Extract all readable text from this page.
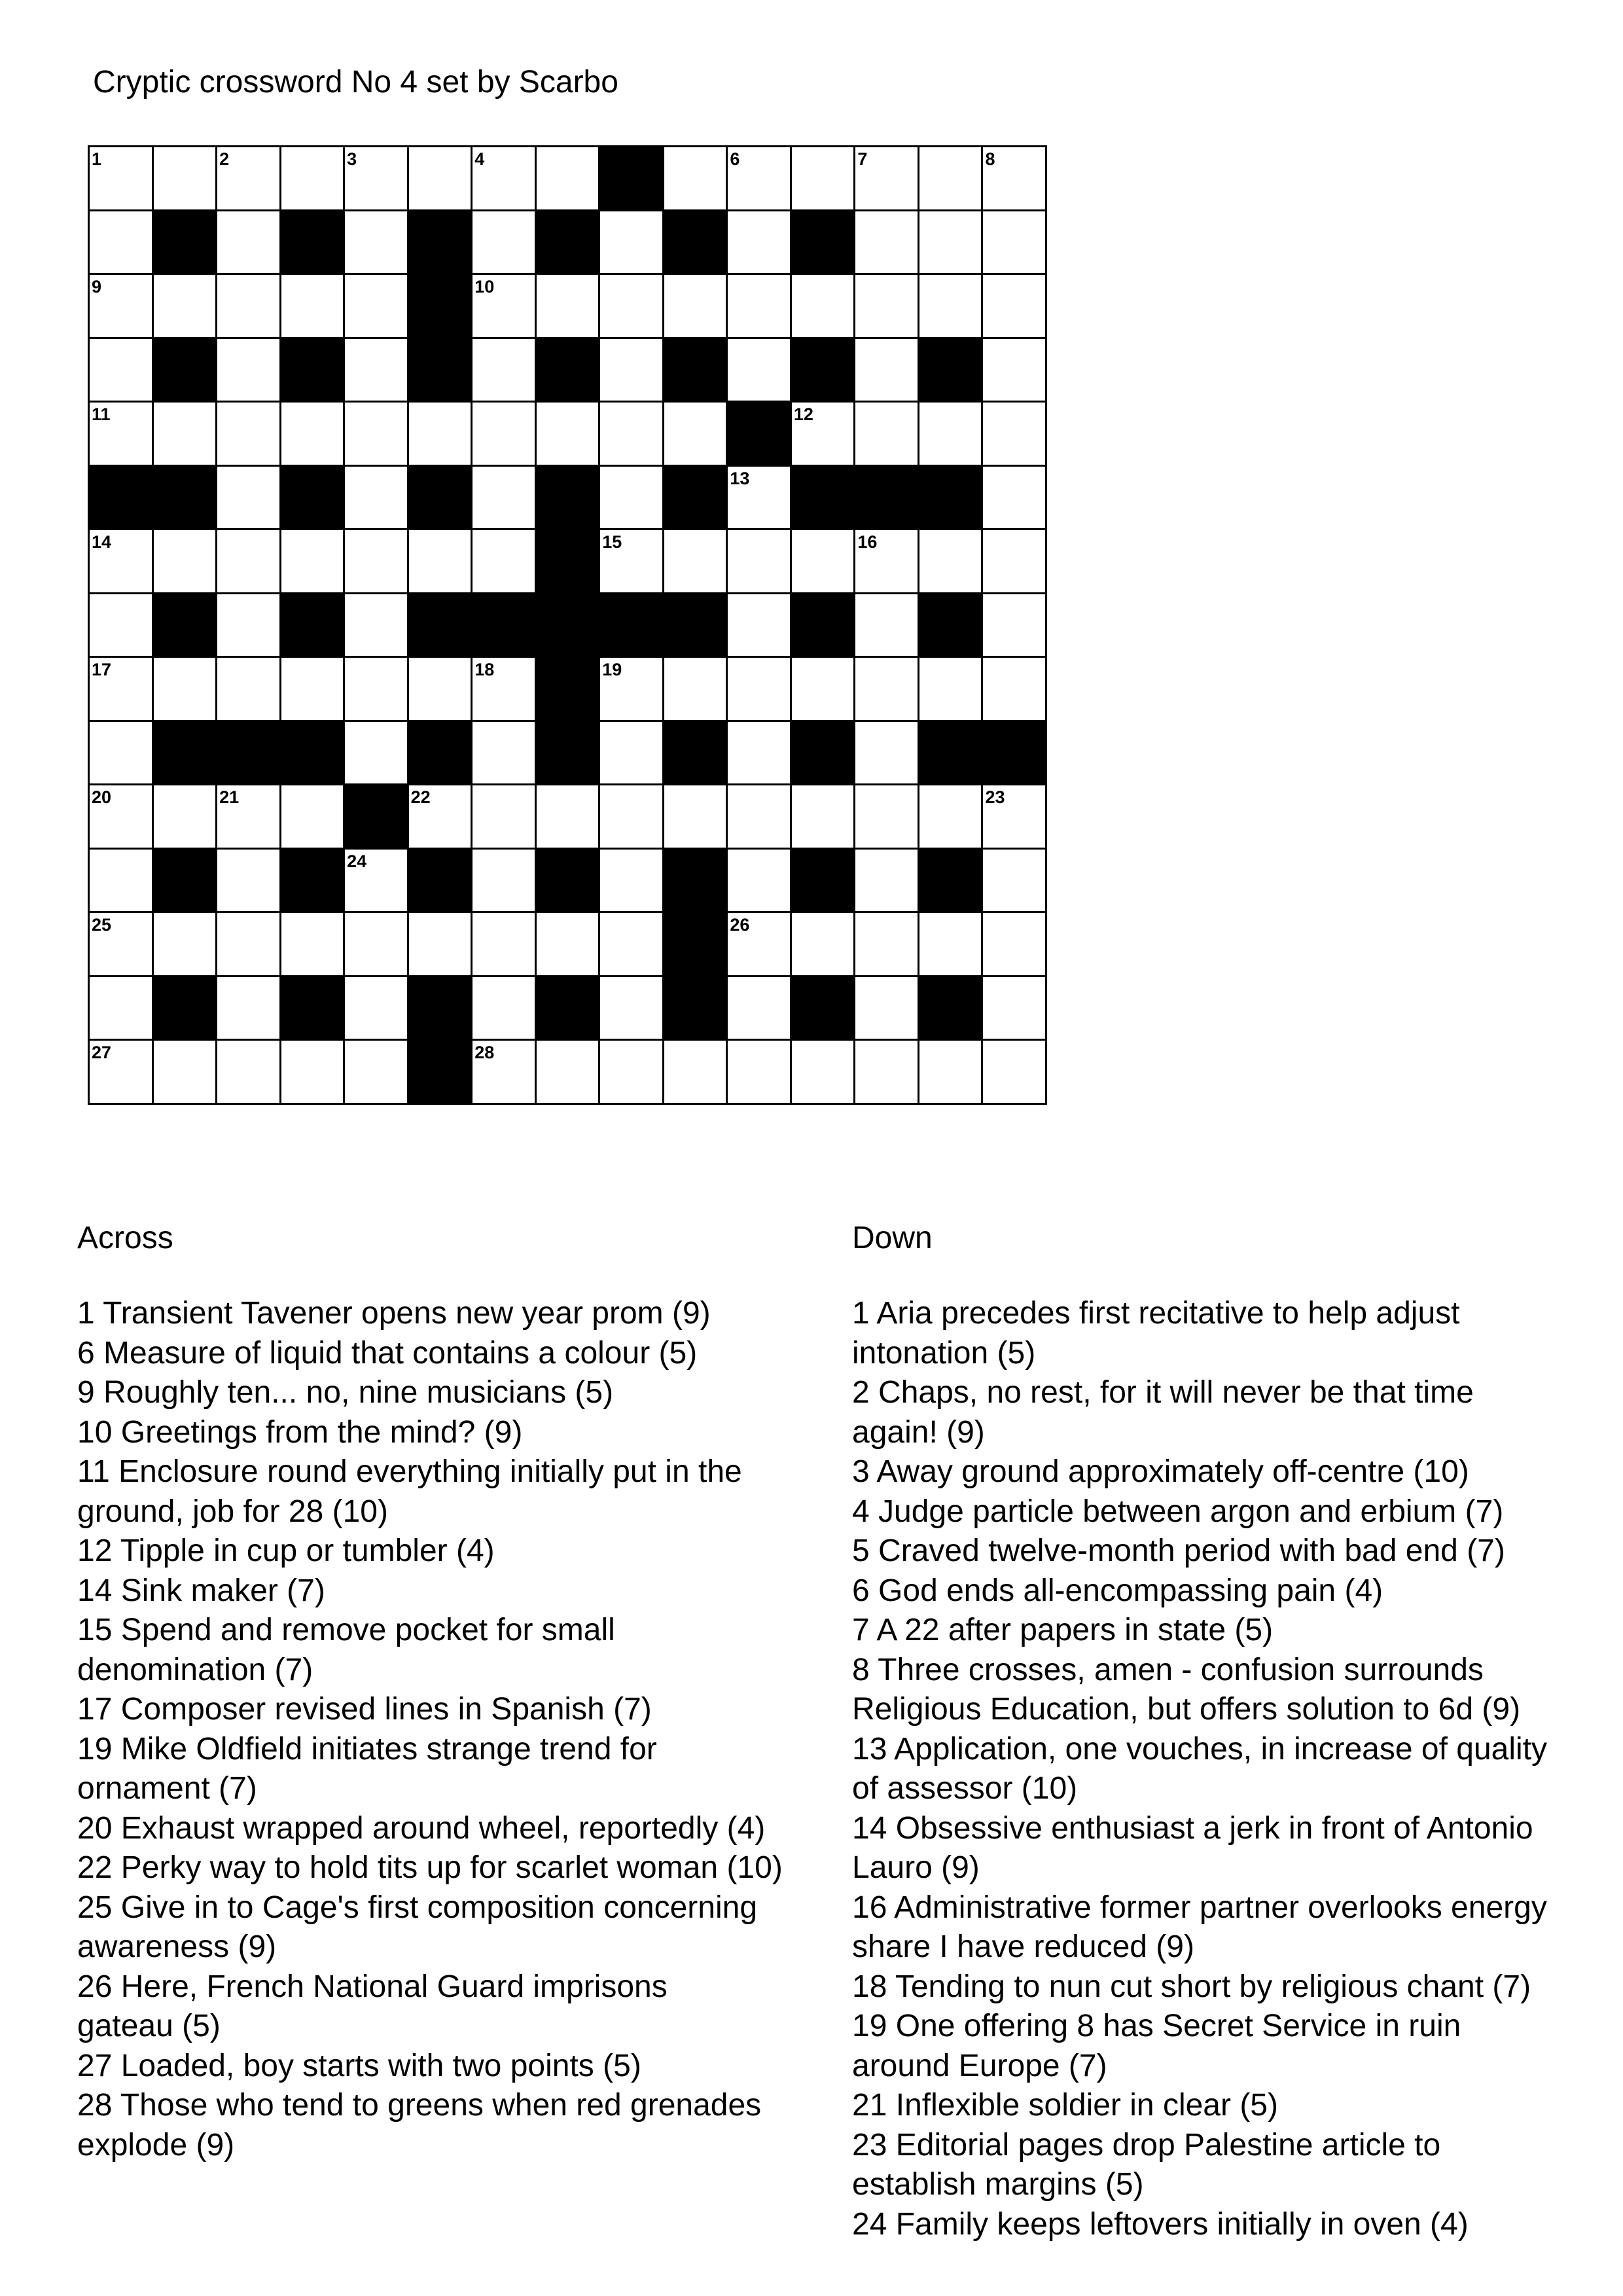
Cryptic crossword No 4 set by Scarbo
1	2	3	4	5	6	7	8
9	10
11	12
13
14	15	16
17	18	19
20	21	22	23
24
25	26
27	28
Across
1 Transient Tavener opens new year prom (9)
6 Measure of liquid that contains a colour (5)
9 Roughly ten... no, nine musicians (5)
10 Greetings from the mind? (9)
11 Enclosure round everything initially put in the
ground, job for 28 (10)
12 Tipple in cup or tumbler (4)
14 Sink maker (7)
15 Spend and remove pocket for small
denomination (7)
17 Composer revised lines in Spanish (7)
19 Mike Oldfield initiates strange trend for
ornament (7)
20 Exhaust wrapped around wheel, reportedly (4)
22 Perky way to hold tits up for scarlet woman (10)
25 Give in to Cage's first composition concerning
awareness (9)
26 Here, French National Guard imprisons
gateau (5)
27 Loaded, boy starts with two points (5)
28 Those who tend to greens when red grenades
explode (9)
Down
1 Aria precedes first recitative to help adjust
intonation (5)
2 Chaps, no rest, for it will never be that time
again! (9)
3 Away ground approximately off-centre (10)
4 Judge particle between argon and erbium (7)
5 Craved twelve-month period with bad end (7)
6 God ends all-encompassing pain (4)
7 A 22 after papers in state (5)
8 Three crosses, amen - confusion surrounds
Religious Education, but offers solution to 6d (9)
13 Application, one vouches, in increase of quality
of assessor (10)
14 Obsessive enthusiast a jerk in front of Antonio
Lauro (9)
16 Administrative former partner overlooks energy
share I have reduced (9)
18 Tending to nun cut short by religious chant (7)
19 One offering 8 has Secret Service in ruin
around Europe (7)
21 Inflexible soldier in clear (5)
23 Editorial pages drop Palestine article to
establish margins (5)
24 Family keeps leftovers initially in oven (4)
